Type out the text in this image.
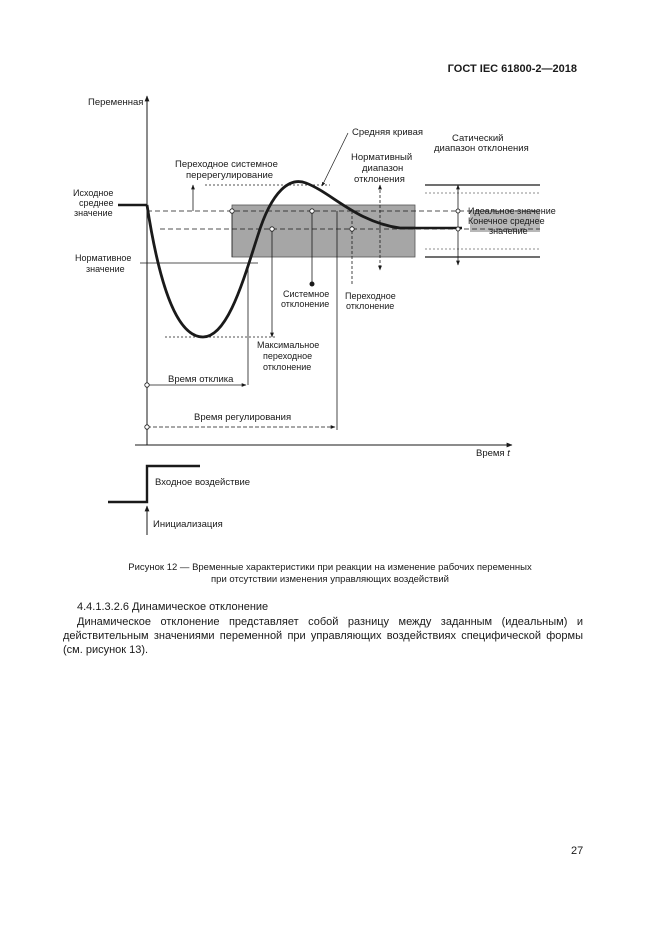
ГОСТ IEC 61800-2—2018
Переменная
Время t
Средняя кривая
Сатический
диапазон отклонения
Нормативный
диапазон
отклонения
Переходное системное
перерегулирование
Исходное
среднее
значение	Идеальное значение
Конечное среднее
значение
Нормативное
значение
Системное
отклонение
Переходное
отклонение
Максимальное
переходное
отклонение
Время отклика
Время регулирования
Входное воздействие
Инициализация
Рисунок 12 — Временные характеристики при реакции на изменение рабочих переменных
при отсутствии изменения управляющих воздействий
4.4.1.3.2.6 Динамическое отклонение

Динамическое отклонение представляет собой разницу между заданным (идеальным) и действительным значениями переменной при управляющих воздействиях специфической формы (см. рисунок 13).

27
